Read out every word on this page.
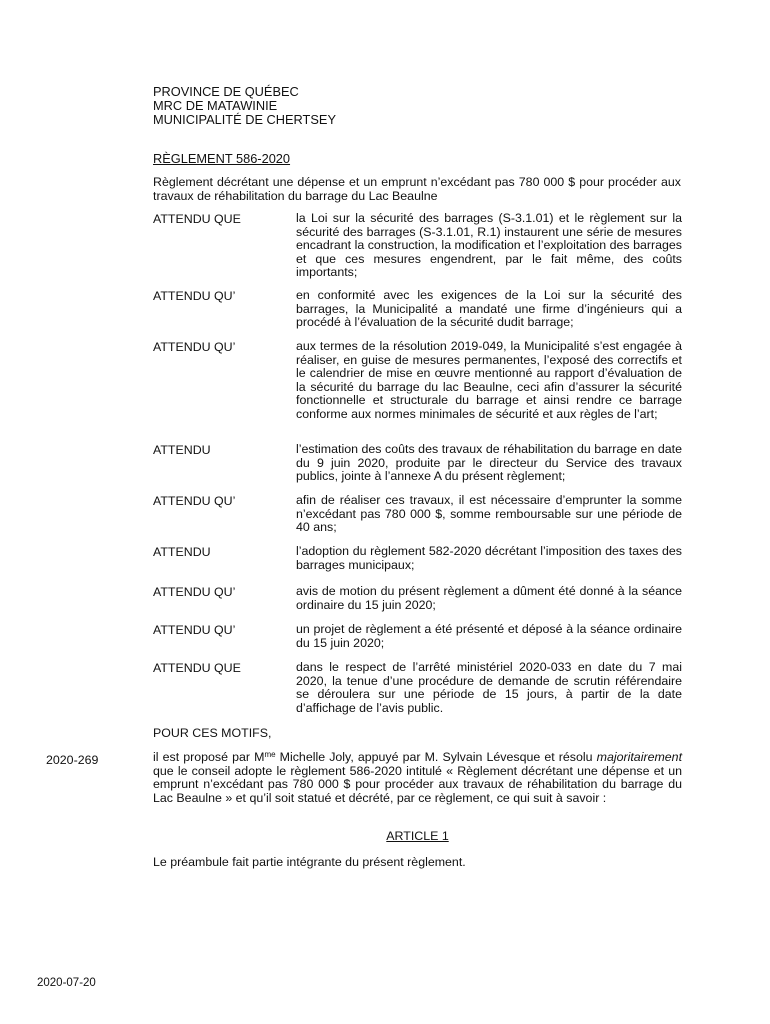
PROVINCE DE QUÉBEC
MRC DE MATAWINIE
MUNICIPALITÉ DE CHERTSEY
RÈGLEMENT 586-2020
Règlement décrétant une dépense et un emprunt n’excédant pas 780 000 $ pour procéder aux travaux de réhabilitation du barrage du Lac Beaulne
ATTENDU QUE	la Loi sur la sécurité des barrages (S-3.1.01) et le règlement sur la sécurité des barrages (S-3.1.01, R.1) instaurent une série de mesures encadrant la construction, la modification et l’exploitation des barrages et que ces mesures engendrent, par le fait même, des coûts importants;
ATTENDU QU’	en conformité avec les exigences de la Loi sur la sécurité des barrages, la Municipalité a mandaté une firme d’ingénieurs qui a procédé à l’évaluation de la sécurité dudit barrage;
ATTENDU QU’	aux termes de la résolution 2019-049, la Municipalité s’est engagée à réaliser, en guise de mesures permanentes, l’exposé des correctifs et le calendrier de mise en œuvre mentionné au rapport d’évaluation de la sécurité du barrage du lac Beaulne, ceci afin d’assurer la sécurité fonctionnelle et structurale du barrage et ainsi rendre ce barrage conforme aux normes minimales de sécurité et aux règles de l’art;
ATTENDU	l’estimation des coûts des travaux de réhabilitation du barrage en date du 9 juin 2020, produite par le directeur du Service des travaux publics, jointe à l’annexe A du présent règlement;
ATTENDU QU’	afin de réaliser ces travaux, il est nécessaire d’emprunter la somme n’excédant pas 780 000 $, somme remboursable sur une période de 40 ans;
ATTENDU	l’adoption du règlement 582-2020 décrétant l’imposition des taxes des barrages municipaux;
ATTENDU QU’	avis de motion du présent règlement a dûment été donné à la séance ordinaire du 15 juin 2020;
ATTENDU QU’	un projet de règlement a été présenté et déposé à la séance ordinaire du 15 juin 2020;
ATTENDU QUE	dans le respect de l’arrêté ministériel 2020-033 en date du 7 mai 2020, la tenue d’une procédure de demande de scrutin référendaire se déroulera sur une période de 15 jours, à partir de la date d’affichage de l’avis public.
POUR CES MOTIFS,
2020-269	il est proposé par $M^{me}$ Michelle Joly, appuyé par M. Sylvain Lévesque et résolu majoritairement que le conseil adopte le règlement 586-2020 intitulé « Règlement décrétant une dépense et un emprunt n’excédant pas 780 000 $ pour procéder aux travaux de réhabilitation du barrage du Lac Beaulne » et qu’il soit statué et décrété, par ce règlement, ce qui suit à savoir :
ARTICLE 1
Le préambule fait partie intégrante du présent règlement.
2020-07-20
